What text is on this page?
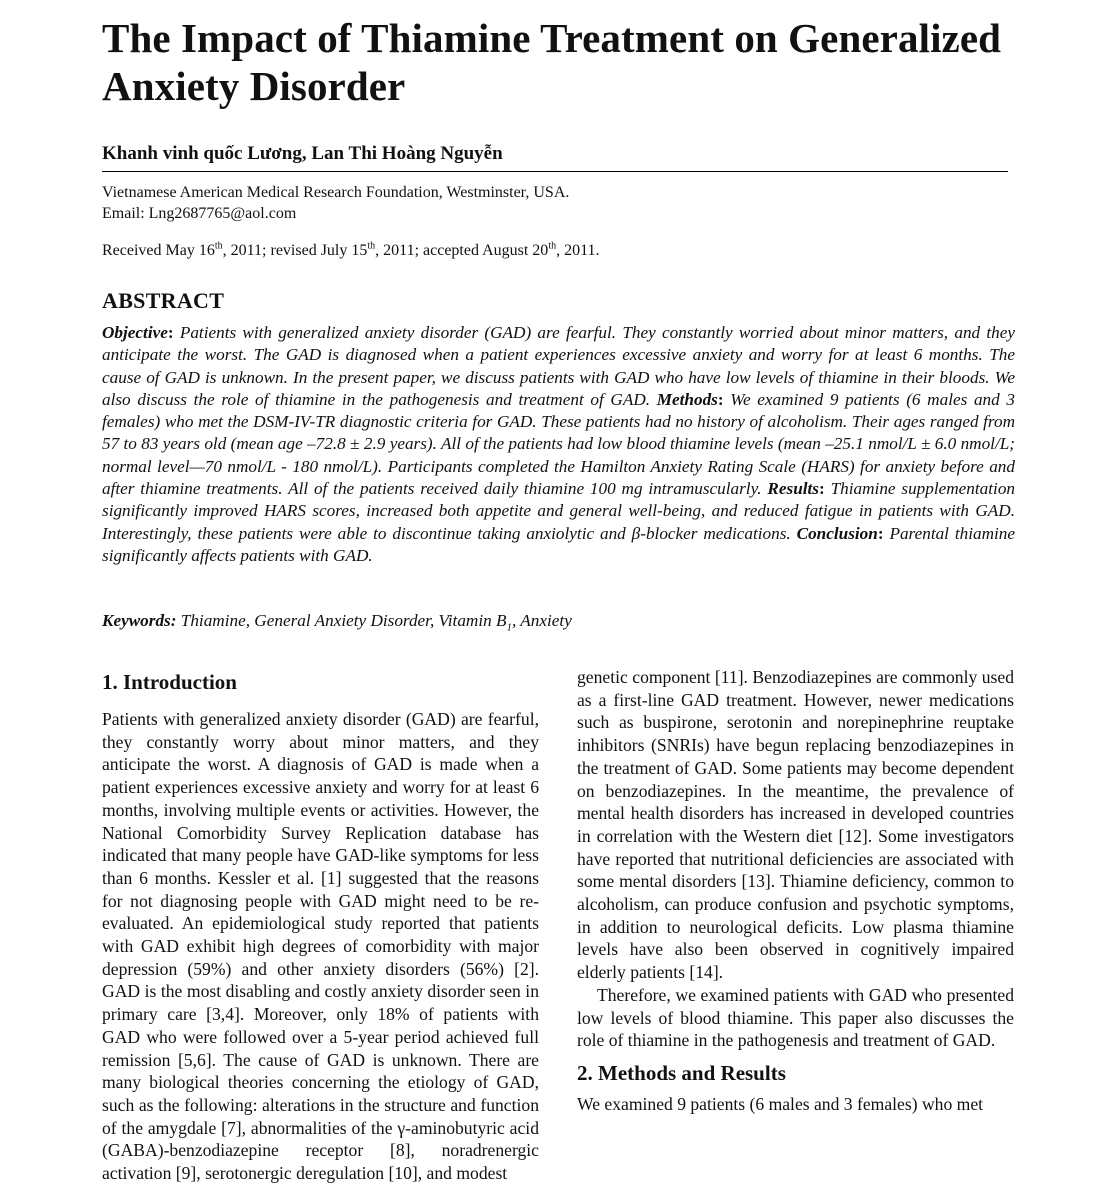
The Impact of Thiamine Treatment on Generalized Anxiety Disorder

Khanh vinh quốc Lương, Lan Thi Hoàng Nguyễn

Vietnamese American Medical Research Foundation, Westminster, USA.
Email: Lng2687765@aol.com

Received May 16th, 2011; revised July 15th, 2011; accepted August 20th, 2011.

ABSTRACT

Objective: Patients with generalized anxiety disorder (GAD) are fearful. They constantly worried about minor matters, and they anticipate the worst. The GAD is diagnosed when a patient experiences excessive anxiety and worry for at least 6 months. The cause of GAD is unknown. In the present paper, we discuss patients with GAD who have low levels of thiamine in their bloods. We also discuss the role of thiamine in the pathogenesis and treatment of GAD. Methods: We examined 9 patients (6 males and 3 females) who met the DSM-IV-TR diagnostic criteria for GAD. These patients had no history of alcoholism. Their ages ranged from 57 to 83 years old (mean age –72.8 ± 2.9 years). All of the patients had low blood thiamine levels (mean –25.1 nmol/L ± 6.0 nmol/L; normal level—70 nmol/L - 180 nmol/L). Participants completed the Hamilton Anxiety Rating Scale (HARS) for anxiety before and after thiamine treatments. All of the patients received daily thiamine 100 mg intramuscularly. Results: Thiamine supplementation significantly improved HARS scores, increased both appetite and general well-being, and reduced fatigue in patients with GAD. Interestingly, these patients were able to discontinue taking anxiolytic and β-blocker medications. Conclusion: Parental thiamine significantly affects patients with GAD.

Keywords: Thiamine, General Anxiety Disorder, Vitamin $B_1$, Anxiety

1. Introduction

Patients with generalized anxiety disorder (GAD) are fearful, they constantly worry about minor matters, and they anticipate the worst. A diagnosis of GAD is made when a patient experiences excessive anxiety and worry for at least 6 months, involving multiple events or activities. However, the National Comorbidity Survey Replication database has indicated that many people have GAD-like symptoms for less than 6 months. Kessler et al. [1] suggested that the reasons for not diagnosing people with GAD might need to be re-evaluated. An epidemiological study reported that patients with GAD exhibit high degrees of comorbidity with major depression (59%) and other anxiety disorders (56%) [2]. GAD is the most disabling and costly anxiety disorder seen in primary care [3,4]. Moreover, only 18% of patients with GAD who were followed over a 5-year period achieved full remission [5,6]. The cause of GAD is unknown. There are many biological theories concerning the etiology of GAD, such as the following: alterations in the structure and function of the amygdale [7], abnormalities of the γ-aminobutyric acid (GABA)-benzodiazepine receptor [8], noradrenergic activation [9], serotonergic deregulation [10], and modest

genetic component [11]. Benzodiazepines are commonly used as a first-line GAD treatment. However, newer medications such as buspirone, serotonin and norepinephrine reuptake inhibitors (SNRIs) have begun replacing benzodiazepines in the treatment of GAD. Some patients may become dependent on benzodiazepines. In the meantime, the prevalence of mental health disorders has increased in developed countries in correlation with the Western diet [12]. Some investigators have reported that nutritional deficiencies are associated with some mental disorders [13]. Thiamine deficiency, common to alcoholism, can produce confusion and psychotic symptoms, in addition to neurological deficits. Low plasma thiamine levels have also been observed in cognitively impaired elderly patients [14].

Therefore, we examined patients with GAD who presented low levels of blood thiamine. This paper also discusses the role of thiamine in the pathogenesis and treatment of GAD.

2. Methods and Results

We examined 9 patients (6 males and 3 females) who met
